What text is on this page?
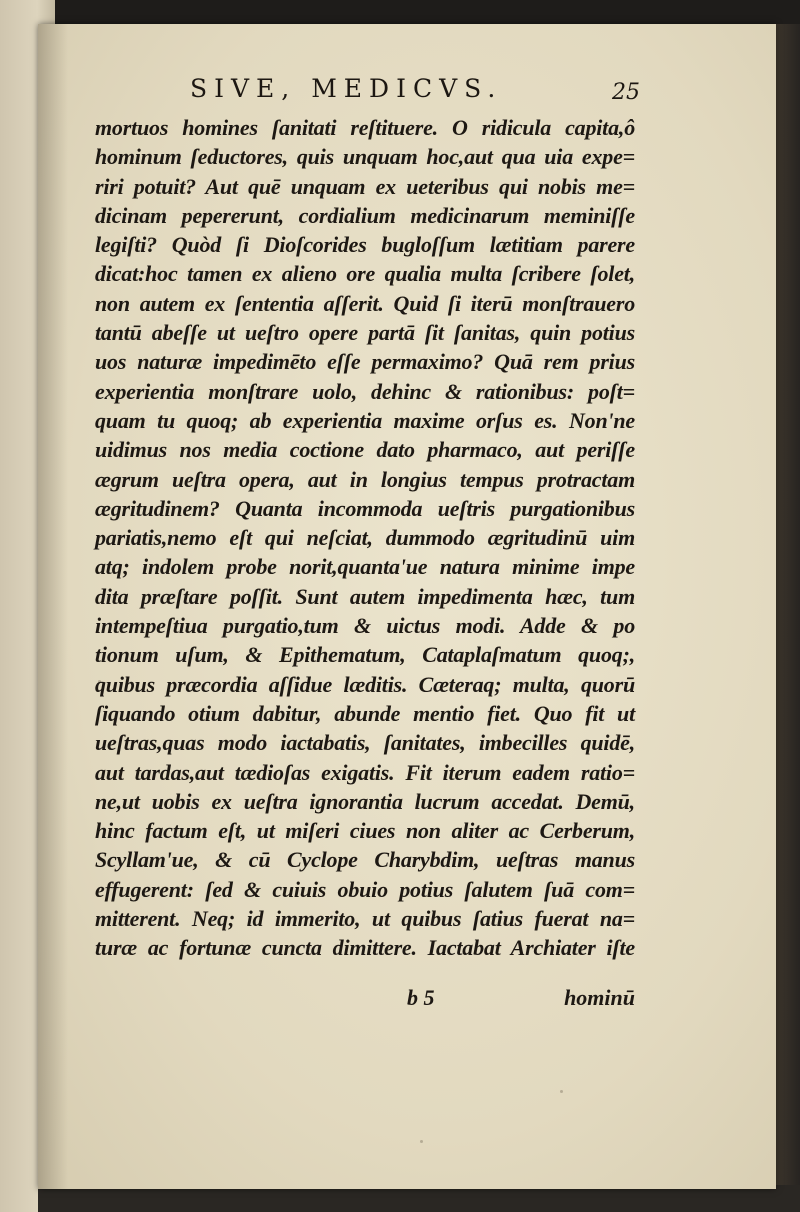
SIVE, MEDICVS.	25
mortuos homines ſanitati reſtituere. O ridicula capita,ô
hominum ſeductores, quis unquam hoc,aut qua uia expe=
riri potuit? Aut quē unquam ex ueteribus qui nobis me=
dicinam pepererunt, cordialium medicinarum meminiſſe
legiſti? Quòd ſi Dioſcorides bugloſſum lætitiam parere
dicat:hoc tamen ex alieno ore qualia multa ſcribere ſolet,
non autem ex ſententia aſſerit. Quid ſi iterū monſtrauero
tantū abeſſe ut ueſtro opere partā ſit ſanitas, quin potius
uos naturæ impedimēto eſſe permaximo? Quā rem prius
experientia monſtrare uolo, dehinc & rationibus: poſt=
quam tu quoq; ab experientia maxime orſus es. Non'ne
uidimus nos media coctione dato pharmaco, aut periſſe
ægrum ueſtra opera, aut in longius tempus protractam
ægritudinem? Quanta incommoda ueſtris purgationibus
pariatis,nemo eſt qui neſciat, dummodo ægritudinū uim
atq; indolem probe norit,quanta'ue natura minime impe
dita præſtare poſſit. Sunt autem impedimenta hæc, tum
intempeſtiua purgatio,tum & uictus modi. Adde & po
tionum uſum, & Epithematum, Cataplaſmatum quoq;,
quibus præcordia aſſidue læditis. Cæteraq; multa, quorū
ſiquando otium dabitur, abunde mentio fiet. Quo fit ut
ueſtras,quas modo iactabatis, ſanitates, imbecilles quidē,
aut tardas,aut tædioſas exigatis. Fit iterum eadem ratio=
ne,ut uobis ex ueſtra ignorantia lucrum accedat. Demū,
hinc factum eſt, ut miſeri ciues non aliter ac Cerberum,
Scyllam'ue, & cū Cyclope Charybdim, ueſtras manus
effugerent: ſed & cuiuis obuio potius ſalutem ſuā com=
mitterent. Neq; id immerito, ut quibus ſatius fuerat na=
turæ ac fortunæ cuncta dimittere. Iactabat Archiater iſte
b 5	hominū
